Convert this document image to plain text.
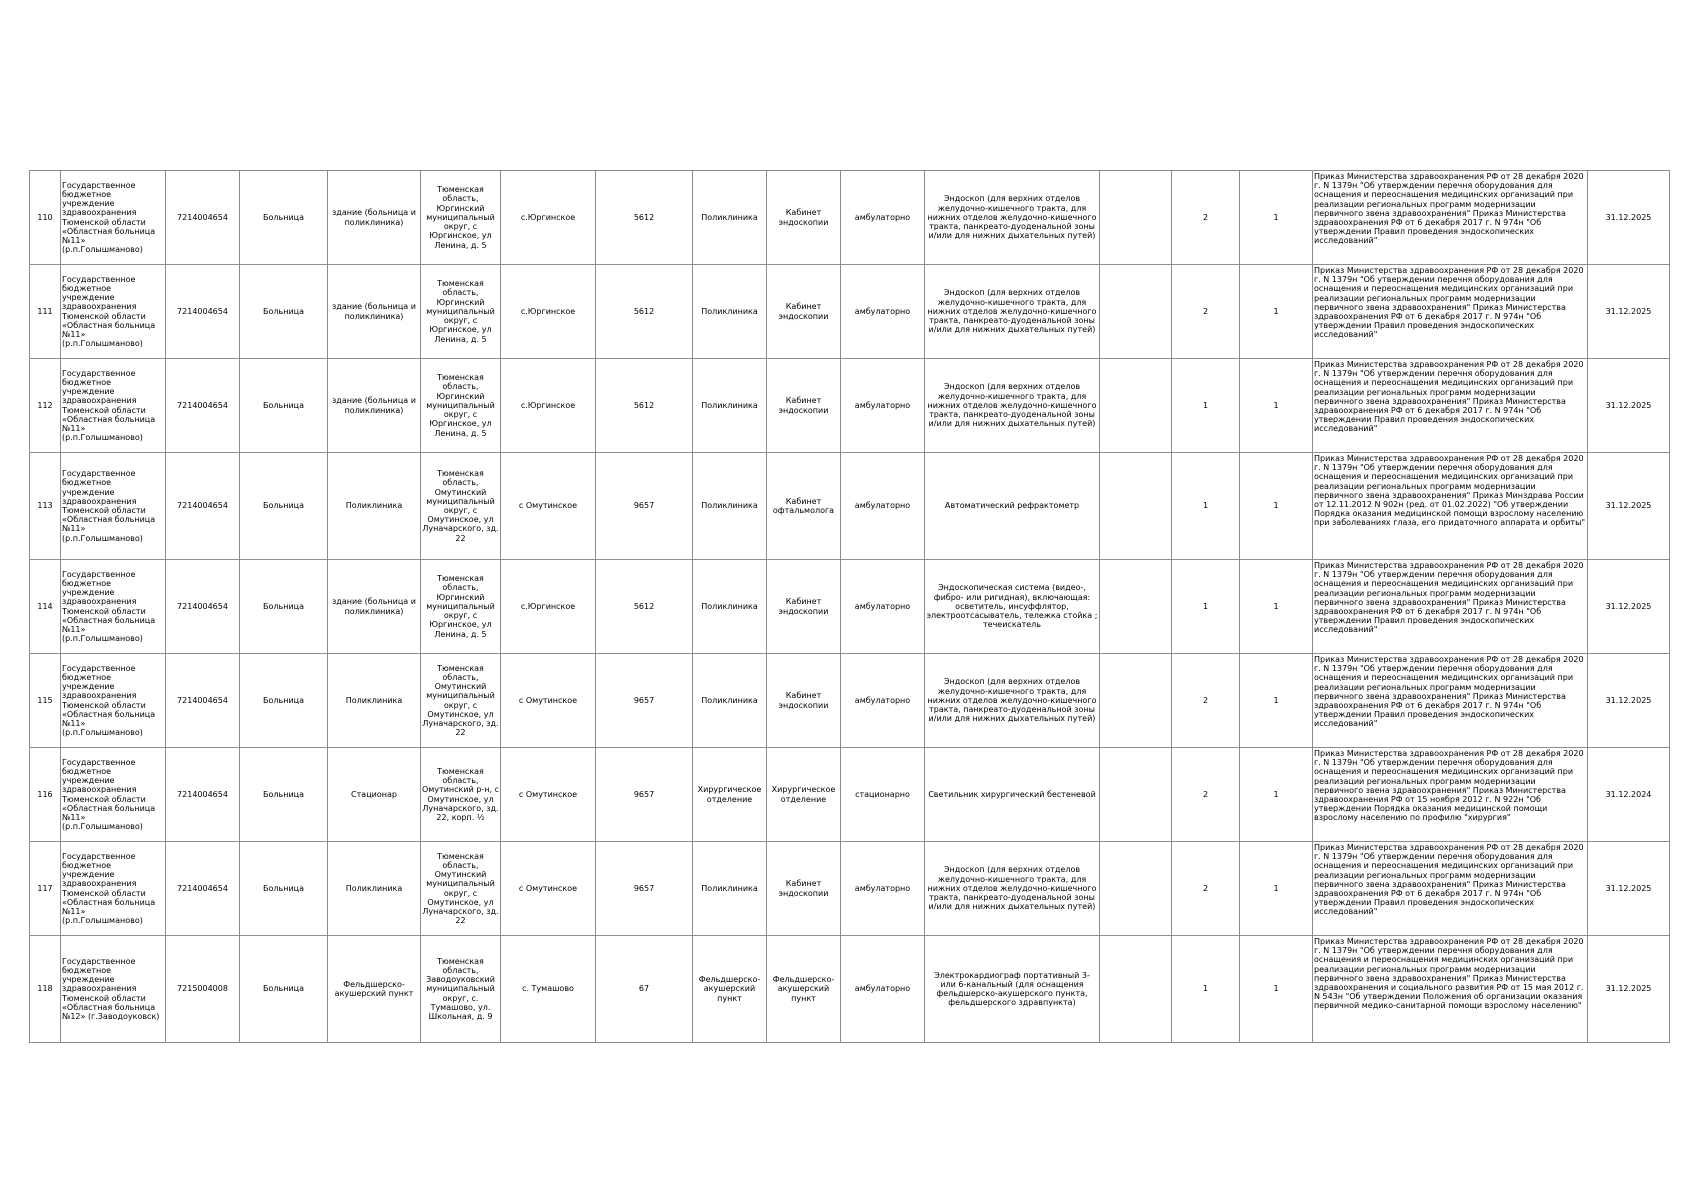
110	Государственное бюджетное учреждение здравоохранения Тюменской области «Областная больница №11» (р.п.Голышманово)	7214004654	Больница	здание (больница и поликлиника)	Тюменская область, Юргинский муниципальный округ, с Юргинское, ул Ленина, д. 5	с.Юргинское	5612	Поликлиника	Кабинет эндоскопии	амбулаторно	Эндоскоп (для верхних отделов желудочно-кишечного тракта, для нижних отделов желудочно-кишечного тракта, панкреато-дуоденальной зоны и/или для нижних дыхательных путей)		2	1	Приказ Министерства здравоохранения РФ от 28 декабря 2020 г. N 1379н "Об утверждении перечня оборудования для оснащения и переоснащения медицинских организаций при реализации региональных программ модернизации первичного звена здравоохранения" Приказ Министерства здравоохранения РФ от 6 декабря 2017 г. N 974н "Об утверждении Правил проведения эндоскопических исследований"	31.12.2025
111	Государственное бюджетное учреждение здравоохранения Тюменской области «Областная больница №11» (р.п.Голышманово)	7214004654	Больница	здание (больница и поликлиника)	Тюменская область, Юргинский муниципальный округ, с Юргинское, ул Ленина, д. 5	с.Юргинское	5612	Поликлиника	Кабинет эндоскопии	амбулаторно	Эндоскоп (для верхних отделов желудочно-кишечного тракта, для нижних отделов желудочно-кишечного тракта, панкреато-дуоденальной зоны и/или для нижних дыхательных путей)		2	1	Приказ Министерства здравоохранения РФ от 28 декабря 2020 г. N 1379н "Об утверждении перечня оборудования для оснащения и переоснащения медицинских организаций при реализации региональных программ модернизации первичного звена здравоохранения" Приказ Министерства здравоохранения РФ от 6 декабря 2017 г. N 974н "Об утверждении Правил проведения эндоскопических исследований"	31.12.2025
112	Государственное бюджетное учреждение здравоохранения Тюменской области «Областная больница №11» (р.п.Голышманово)	7214004654	Больница	здание (больница и поликлиника)	Тюменская область, Юргинский муниципальный округ, с Юргинское, ул Ленина, д. 5	с.Юргинское	5612	Поликлиника	Кабинет эндоскопии	амбулаторно	Эндоскоп (для верхних отделов желудочно-кишечного тракта, для нижних отделов желудочно-кишечного тракта, панкреато-дуоденальной зоны и/или для нижних дыхательных путей)		1	1	Приказ Министерства здравоохранения РФ от 28 декабря 2020 г. N 1379н "Об утверждении перечня оборудования для оснащения и переоснащения медицинских организаций при реализации региональных программ модернизации первичного звена здравоохранения" Приказ Министерства здравоохранения РФ от 6 декабря 2017 г. N 974н "Об утверждении Правил проведения эндоскопических исследований"	31.12.2025
113	Государственное бюджетное учреждение здравоохранения Тюменской области «Областная больница №11» (р.п.Голышманово)	7214004654	Больница	Поликлиника	Тюменская область, Омутинский муниципальный округ, с Омутинское, ул Луначарского, зд. 22	с Омутинское	9657	Поликлиника	Кабинет офтальмолога	амбулаторно	Автоматический рефрактометр		1	1	Приказ Министерства здравоохранения РФ от 28 декабря 2020 г. N 1379н "Об утверждении перечня оборудования для оснащения и переоснащения медицинских организаций при реализации региональных программ модернизации первичного звена здравоохранения" Приказ Минздрава России от 12.11.2012 N 902н (ред. от 01.02.2022) "Об утверждении Порядка оказания медицинской помощи взрослому населению при заболеваниях глаза, его придаточного аппарата и орбиты"	31.12.2025
114	Государственное бюджетное учреждение здравоохранения Тюменской области «Областная больница №11» (р.п.Голышманово)	7214004654	Больница	здание (больница и поликлиника)	Тюменская область, Юргинский муниципальный округ, с Юргинское, ул Ленина, д. 5	с.Юргинское	5612	Поликлиника	Кабинет эндоскопии	амбулаторно	Эндоскопическая система (видео-, фибро- или ригидная), включающая: осветитель, инсуффлятор, электроотсасыватель, тележка стойка ; течеискатель		1	1	Приказ Министерства здравоохранения РФ от 28 декабря 2020 г. N 1379н "Об утверждении перечня оборудования для оснащения и переоснащения медицинских организаций при реализации региональных программ модернизации первичного звена здравоохранения" Приказ Министерства здравоохранения РФ от 6 декабря 2017 г. N 974н "Об утверждении Правил проведения эндоскопических исследований"	31.12.2025
115	Государственное бюджетное учреждение здравоохранения Тюменской области «Областная больница №11» (р.п.Голышманово)	7214004654	Больница	Поликлиника	Тюменская область, Омутинский муниципальный округ, с Омутинское, ул Луначарского, зд. 22	с Омутинское	9657	Поликлиника	Кабинет эндоскопии	амбулаторно	Эндоскоп (для верхних отделов желудочно-кишечного тракта, для нижних отделов желудочно-кишечного тракта, панкреато-дуоденальной зоны и/или для нижних дыхательных путей)		2	1	Приказ Министерства здравоохранения РФ от 28 декабря 2020 г. N 1379н "Об утверждении перечня оборудования для оснащения и переоснащения медицинских организаций при реализации региональных программ модернизации первичного звена здравоохранения" Приказ Министерства здравоохранения РФ от 6 декабря 2017 г. N 974н "Об утверждении Правил проведения эндоскопических исследований"	31.12.2025
116	Государственное бюджетное учреждение здравоохранения Тюменской области «Областная больница №11» (р.п.Голышманово)	7214004654	Больница	Стационар	Тюменская область, Омутинский р-н, с Омутинское, ул Луначарского, зд. 22, корп. ½	с Омутинское	9657	Хирургическое отделение	Хирургическое отделение	стационарно	Светильник хирургический бестеневой		2	1	Приказ Министерства здравоохранения РФ от 28 декабря 2020 г. N 1379н "Об утверждении перечня оборудования для оснащения и переоснащения медицинских организаций при реализации региональных программ модернизации первичного звена здравоохранения" Приказ Министерства здравоохранения РФ от 15 ноября 2012 г. N 922н "Об утверждении Порядка оказания медицинской помощи взрослому населению по профилю "хирургия"	31.12.2024
117	Государственное бюджетное учреждение здравоохранения Тюменской области «Областная больница №11» (р.п.Голышманово)	7214004654	Больница	Поликлиника	Тюменская область, Омутинский муниципальный округ, с Омутинское, ул Луначарского, зд. 22	с Омутинское	9657	Поликлиника	Кабинет эндоскопии	амбулаторно	Эндоскоп (для верхних отделов желудочно-кишечного тракта, для нижних отделов желудочно-кишечного тракта, панкреато-дуоденальной зоны и/или для нижних дыхательных путей)		2	1	Приказ Министерства здравоохранения РФ от 28 декабря 2020 г. N 1379н "Об утверждении перечня оборудования для оснащения и переоснащения медицинских организаций при реализации региональных программ модернизации первичного звена здравоохранения" Приказ Министерства здравоохранения РФ от 6 декабря 2017 г. N 974н "Об утверждении Правил проведения эндоскопических исследований"	31.12.2025
118	Государственное бюджетное учреждение здравоохранения Тюменской области «Областная больница №12» (г.Заводоуковск)	7215004008	Больница	Фельдшерско-акушерский пункт	Тюменская область, Заводоуковский муниципальный округ, с. Тумашово, ул. Школьная, д. 9	с. Тумашово	67	Фельдшерско-акушерский пункт	Фельдшерско-акушерский пункт	амбулаторно	Электрокардиограф портативный 3- или 6-канальный (для оснащения фельдшерско-акушерского пункта, фельдшерского здравпункта)		1	1	Приказ Министерства здравоохранения РФ от 28 декабря 2020 г. N 1379н "Об утверждении перечня оборудования для оснащения и переоснащения медицинских организаций при реализации региональных программ модернизации первичного звена здравоохранения" Приказ Министерства здравоохранения и социального развития РФ от 15 мая 2012 г. N 543н "Об утверждении Положения об организации оказания первичной медико-санитарной помощи взрослому населению"	31.12.2025
